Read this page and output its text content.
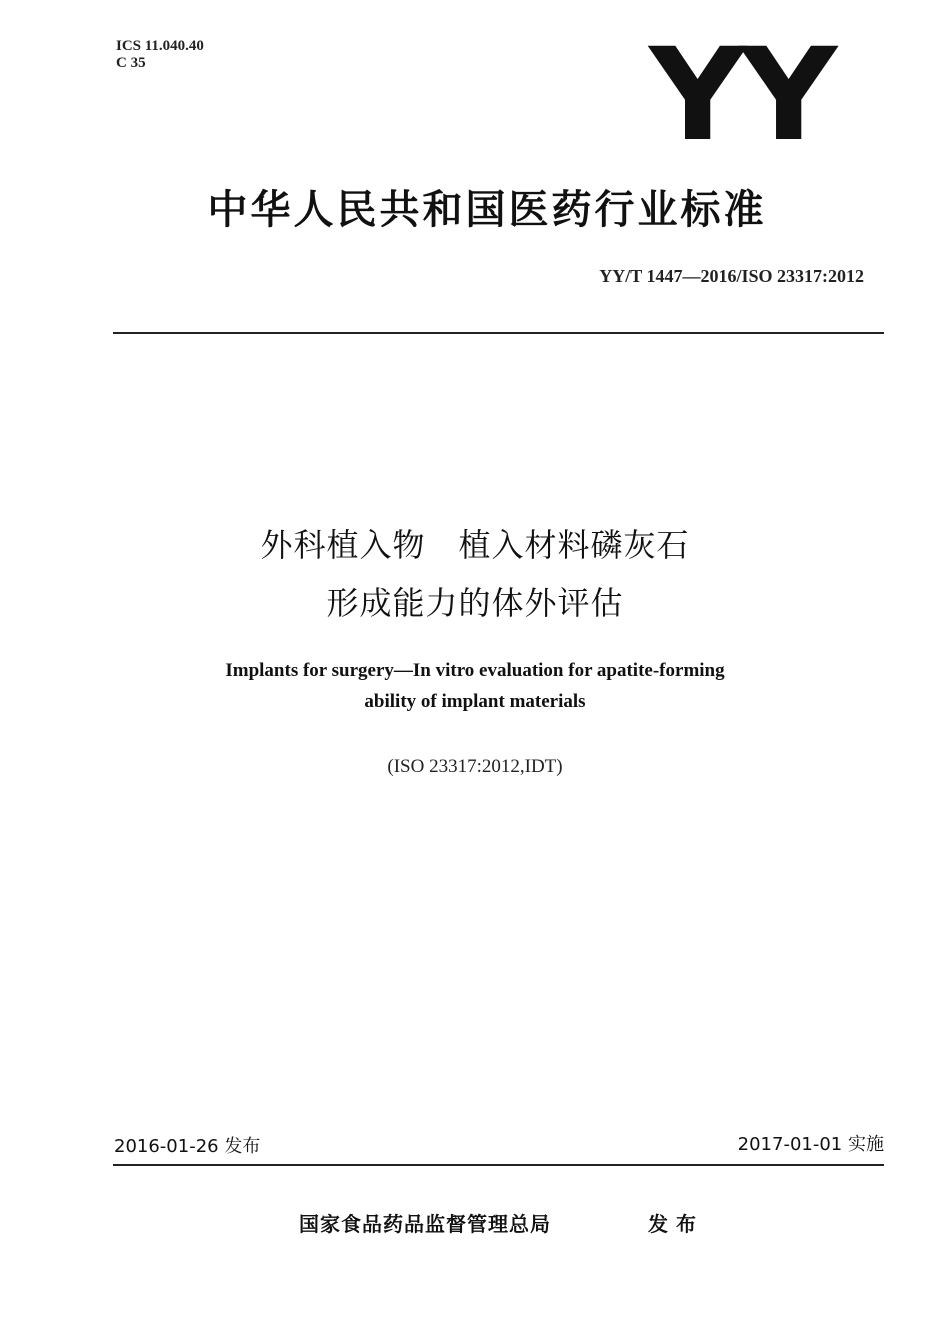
ICS 11.040.40
C 35	YY
中华人民共和国医药行业标准
YY/T 1447—2016/ISO 23317:2012
外科植入物　植入材料磷灰石
形成能力的体外评估
Implants for surgery—In vitro evaluation for apatite-forming
ability of implant materials
(ISO 23317:2012,IDT)
2016-01-26 发布	2017-01-01 实施
国家食品药品监督管理总局	发布
